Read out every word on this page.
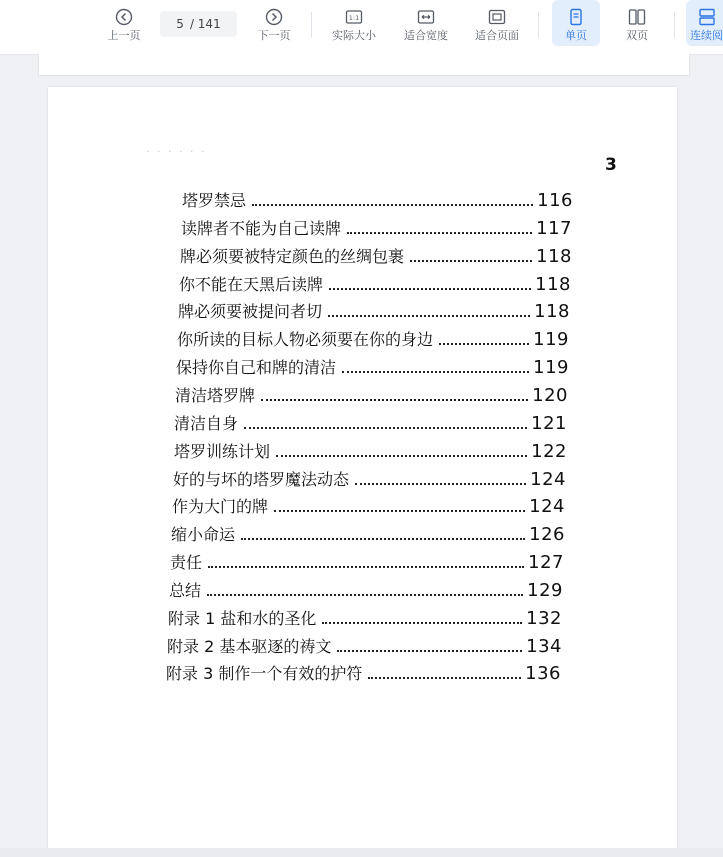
上一页
5 / 141
下一页
1:1
实际大小	适合宽度 适合页面	单页	双页	连续阅
· · · · · ·
3
塔罗禁忌	116
读牌者不能为自己读牌	117
牌必须要被特定颜色的丝绸包裹	118
你不能在天黑后读牌	118
牌必须要被提问者切	118
你所读的目标人物必须要在你的身边	119
保持你自己和牌的清洁	119
清洁塔罗牌	120
清洁自身	121
塔罗训练计划	122
好的与坏的塔罗魔法动态	124
作为大门的牌	124
缩小命运	126
责任	127
总结	129
附录 1 盐和水的圣化	132
附录 2 基本驱逐的祷文	134
附录 3 制作一个有效的护符	136
